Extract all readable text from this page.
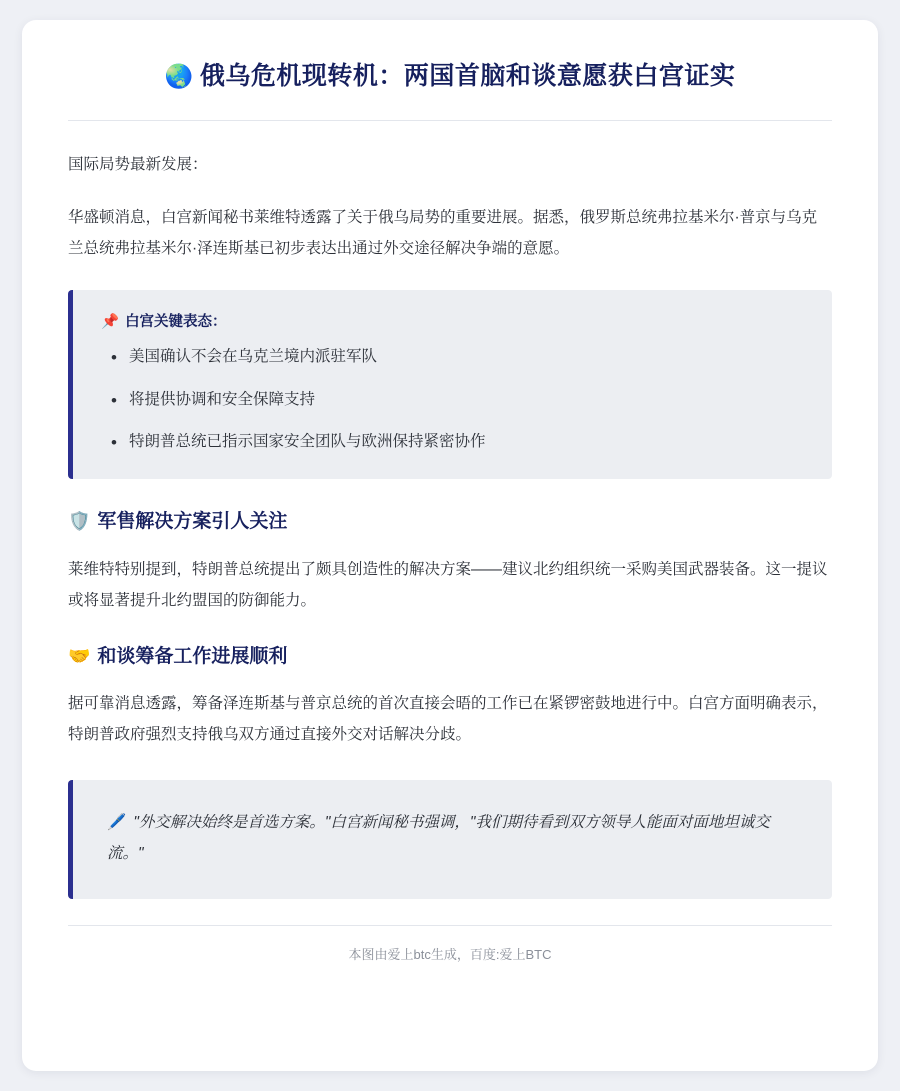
🌏 俄乌危机现转机：两国首脑和谈意愿获白宫证实

国际局势最新发展：

华盛顿消息，白宫新闻秘书莱维特透露了关于俄乌局势的重要进展。据悉，俄罗斯总统弗拉基米尔·普京与乌克兰总统弗拉基米尔·泽连斯基已初步表达出通过外交途径解决争端的意愿。

📌 白宫关键表态：
• 美国确认不会在乌克兰境内派驻军队
• 将提供协调和安全保障支持
• 特朗普总统已指示国家安全团队与欧洲保持紧密协作
🛡️ 军售解决方案引人关注

莱维特特别提到，特朗普总统提出了颇具创造性的解决方案——建议北约组织统一采购美国武器装备。这一提议或将显著提升北约盟国的防御能力。

🤝 和谈筹备工作进展顺利

据可靠消息透露，筹备泽连斯基与普京总统的首次直接会晤的工作已在紧锣密鼓地进行中。白宫方面明确表示，特朗普政府强烈支持俄乌双方通过直接外交对话解决分歧。

🖊️ "外交解决始终是首选方案。"白宫新闻秘书强调，"我们期待看到双方领导人能面对面地坦诚交流。"

本图由爱上btc生成，百度:爱上BTC
